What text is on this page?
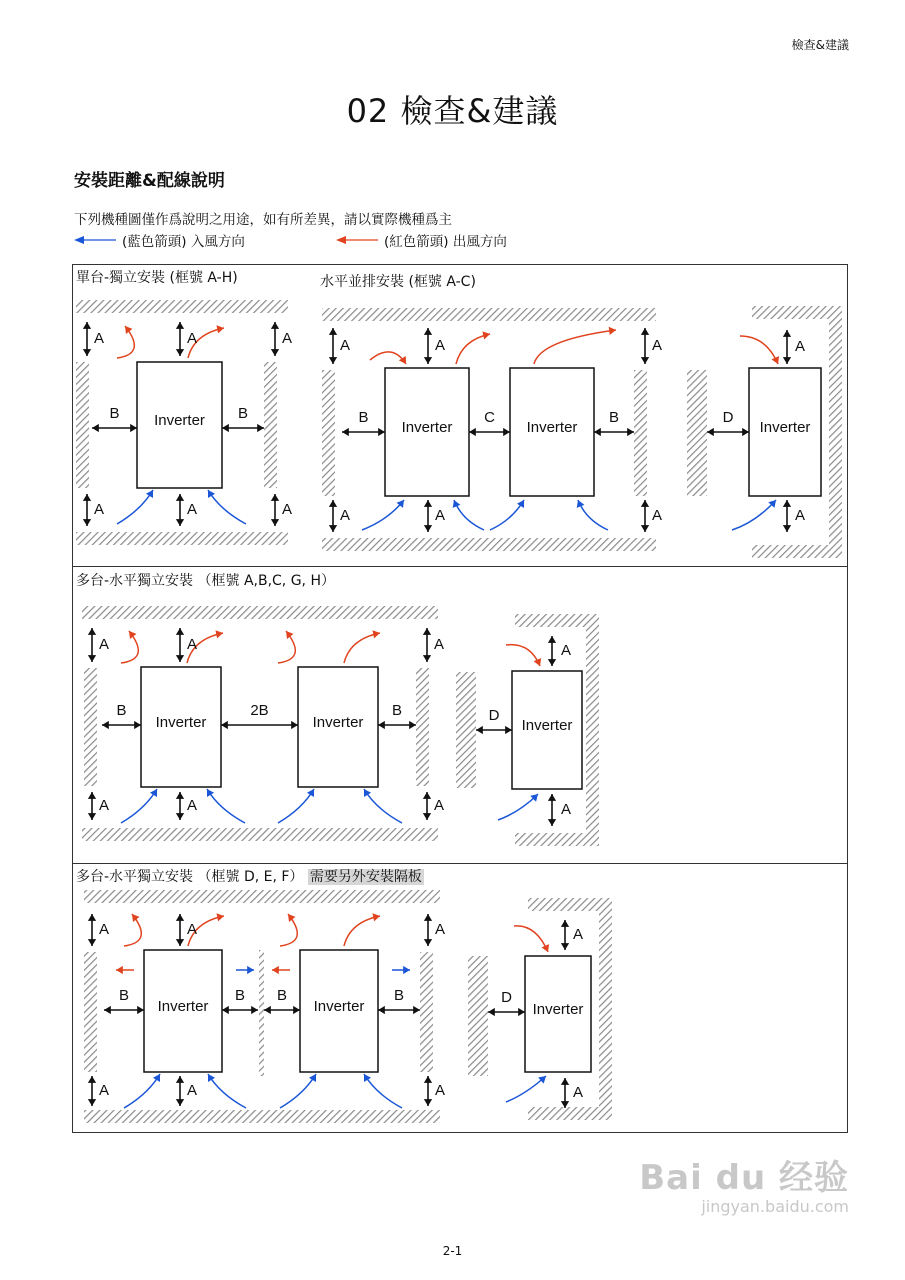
檢查&建議
02 檢查&建議
安裝距離&配線說明
下列機種圖僅作爲說明之用途，如有所差異，請以實際機種爲主
(藍色箭頭) 入風方向	(紅色箭頭) 出風方向
單台-獨立安裝 (框號 A-H)	水平並排安裝 (框號 A-C)
多台-水平獨立安裝 （框號 A,B,C, G, H）
多台-水平獨立安裝 （框號 D, E, F） 需要另外安裝隔板
Inverter
A	A	A
A	A	A
B	B
Inverter	Inverter
A	A	A
A	A	A
B	C	B
Inverter
A
A
D
Inverter	Inverter
A	A	A
A	A	A
B	2B	B
Inverter
A
A
D
Inverter	Inverter
A	A	A
A	A	A
B	B B	B
Inverter
A
A
D
2-1
Bai du 经验
jingyan.baidu.com
